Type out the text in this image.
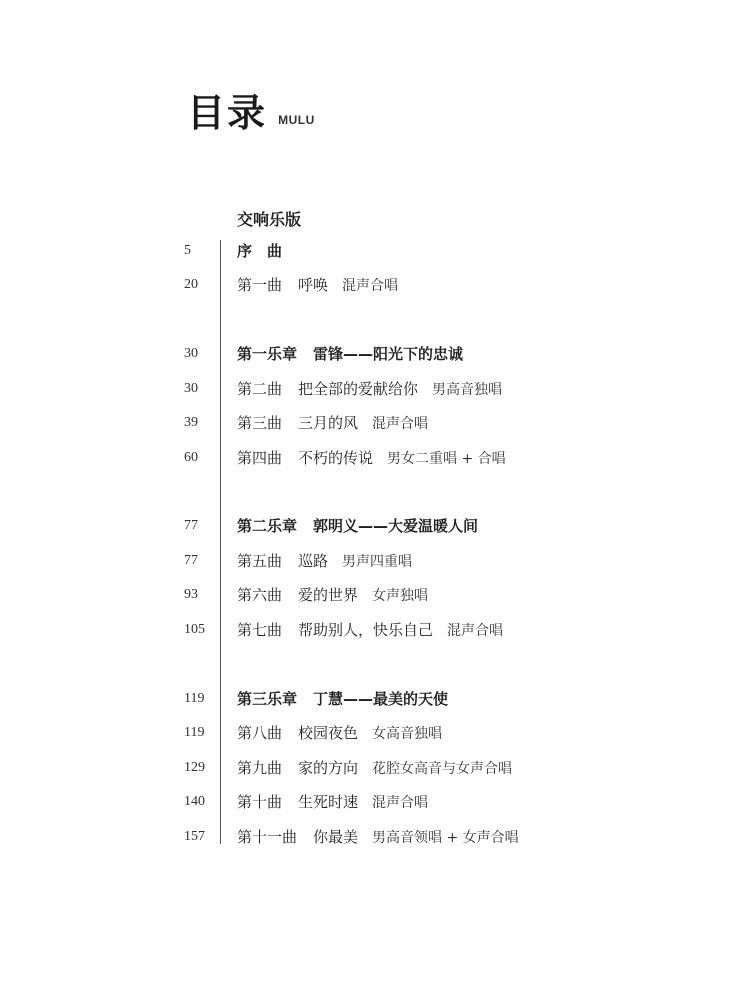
目录 MULU
交响乐版
5	序　曲
20	第一曲 呼唤 混声合唱
30	第一乐章 雷锋——阳光下的忠诚
30	第二曲 把全部的爱献给你 男高音独唱
39	第三曲 三月的风 混声合唱
60	第四曲 不朽的传说 男女二重唱 + 合唱
77	第二乐章 郭明义——大爱温暖人间
77	第五曲 巡路 男声四重唱
93	第六曲 爱的世界 女声独唱
105	第七曲 帮助别人，快乐自己 混声合唱
119	第三乐章 丁慧——最美的天使
119	第八曲 校园夜色 女高音独唱
129	第九曲 家的方向 花腔女高音与女声合唱
140	第十曲 生死时速 混声合唱
157	第十一曲 你最美 男高音领唱 + 女声合唱
